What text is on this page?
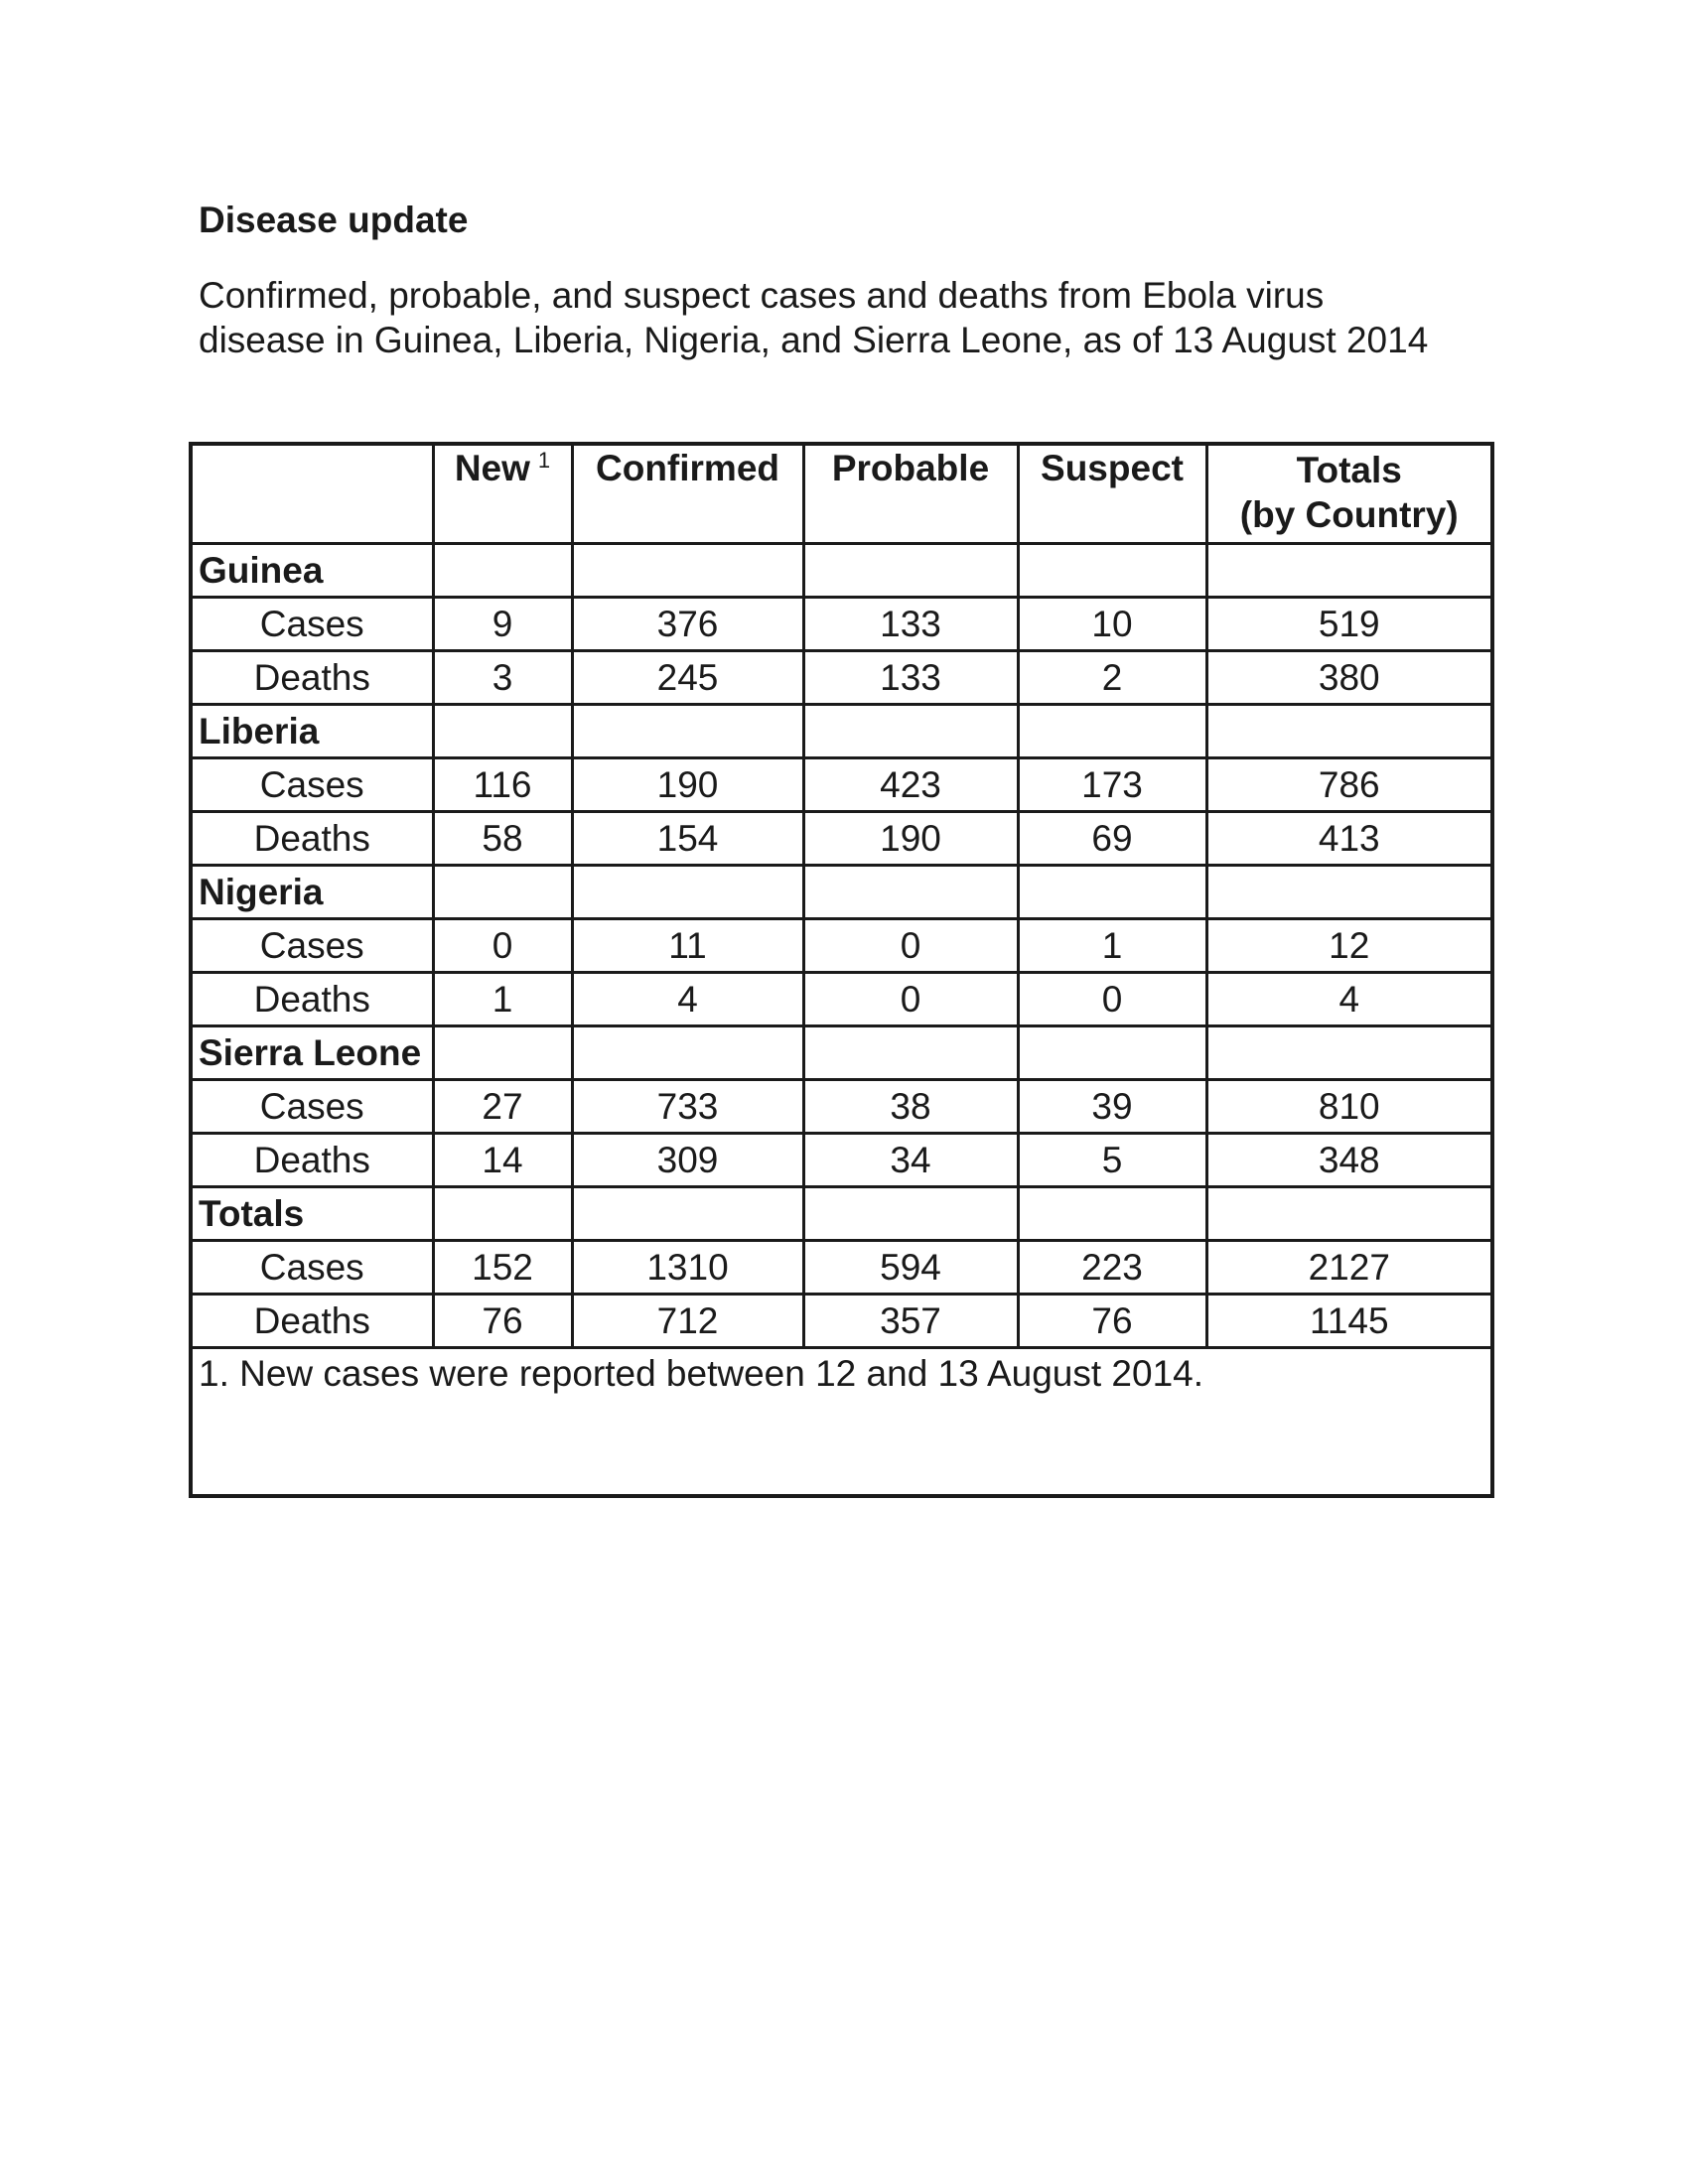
Disease update

Confirmed, probable, and suspect cases and deaths from Ebola virus disease in Guinea, Liberia, Nigeria, and Sierra Leone, as of 13 August 2014

	New $^1$	Confirmed	Probable	Suspect	Totals
(by Country)

Guinea					
Cases	9	376	133	10	519
Deaths	3	245	133	2	380
Liberia					
Cases	116	190	423	173	786
Deaths	58	154	190	69	413
Nigeria					
Cases	0	11	0	1	12
Deaths	1	4	0	0	4
Sierra Leone					
Cases	27	733	38	39	810
Deaths	14	309	34	5	348
Totals					
Cases	152	1310	594	223	2127
Deaths	76	712	357	76	1145
1. New cases were reported between 12 and 13 August 2014.					
